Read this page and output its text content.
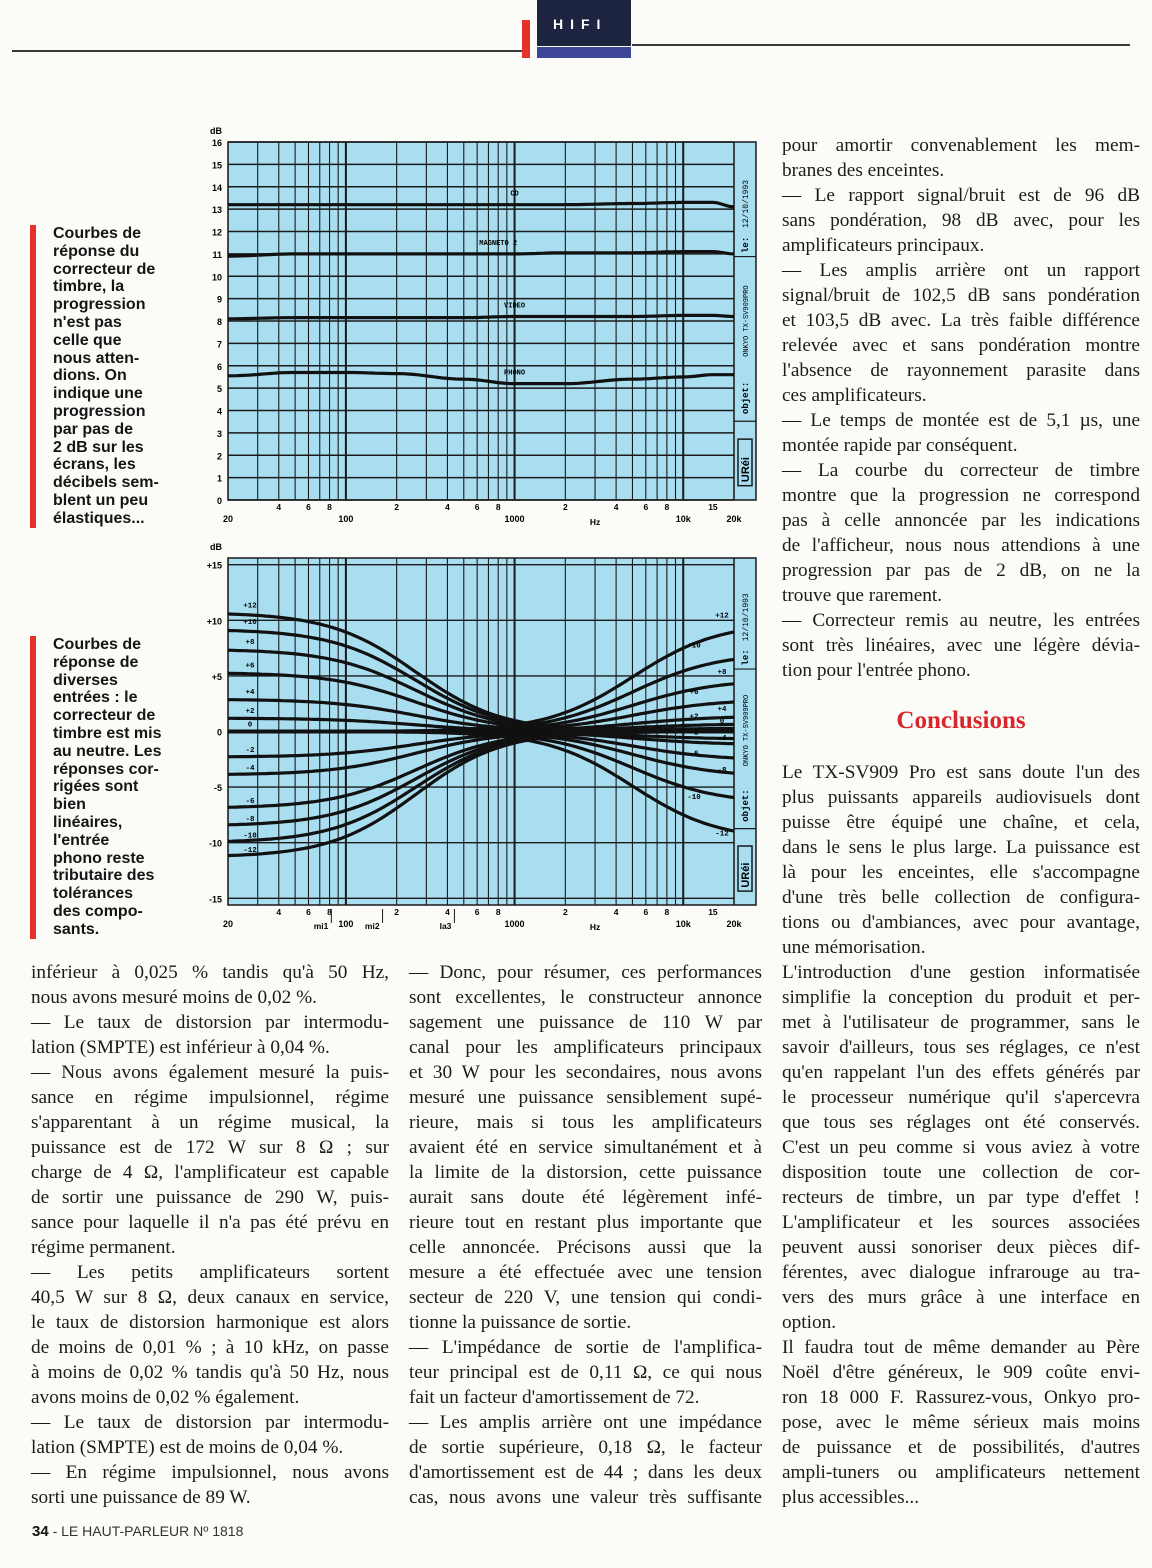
HIFI
Courbes de
réponse du
correcteur de
timbre, la
progression
n'est pas
celle que
nous atten-
dions. On
indique une
progression
par pas de
2 dB sur les
écrans, les
décibels sem-
blent un peu
élastiques...
Courbes de
réponse de
diverses
entrées : le
correcteur de
timbre est mis
au neutre. Les
réponses cor-
rigées sont
bien
linéaires,
l'entrée
phono reste
tributaire des
tolérances
des compo-
sants.
0
1
2
3
4
5
6
7
8
9
10
11
12
13
14
15
16
dB
4	6 8	2	4	6 8	2	4	6 8	15
20	100	1000	10k	20k
Hz
le:
12/10/1993
objet:
ONKYO TX-SV909PRO
URéi
CD
MAGNETO 2
VIDEO
PHONO
+15
+10
+5
0
-5
-10
-15
dB
4	6 8	2	4	6 8	2	4	6 8	15
20	100	1000	10k	20k
Hz
mi1	mi2	la3
le:
12/10/1993
objet:
ONKYO TX-SV909PRO
URéi
+12
+10
+8
+6
+4
+2
0
-2
-4
-6
-8
-10
-12
+12
+10
+8
+6
+4
+2
0
-2
-4
-6
-8
-10
-12
pour amortir convenablement les mem-
branes des enceintes.
— Le rapport signal/bruit est de 96 dB
sans pondération, 98 dB avec, pour les
amplificateurs principaux.
— Les amplis arrière ont un rapport
signal/bruit de 102,5 dB sans pondération
et 103,5 dB avec. La très faible différence
relevée avec et sans pondération montre
l'absence de rayonnement parasite dans
ces amplificateurs.
— Le temps de montée est de 5,1 µs, une
montée rapide par conséquent.
— La courbe du correcteur de timbre
montre que la progression ne correspond
pas à celle annoncée par les indications
de l'afficheur, nous nous attendions à une
progression par pas de 2 dB, on ne la
trouve que rarement.
— Correcteur remis au neutre, les entrées
sont très linéaires, avec une légère dévia-
tion pour l'entrée phono.
Conclusions
Le TX-SV909 Pro est sans doute l'un des
plus puissants appareils audiovisuels dont
puisse être équipé une chaîne, et cela,
dans le sens le plus large. La puissance est
là pour les enceintes, elle s'accompagne
d'une très belle collection de configura-
tions ou d'ambiances, avec pour avantage,
une mémorisation.
L'introduction d'une gestion informatisée
simplifie la conception du produit et per-
met à l'utilisateur de programmer, sans le
savoir d'ailleurs, tous ses réglages, ce n'est
qu'en rappelant l'un des effets générés par
le processeur numérique qu'il s'apercevra
que tous ses réglages ont été conservés.
C'est un peu comme si vous aviez à votre
disposition toute une collection de cor-
recteurs de timbre, un par type d'effet !
L'amplificateur et les sources associées
peuvent aussi sonoriser deux pièces dif-
férentes, avec dialogue infrarouge au tra-
vers des murs grâce à une interface en
option.
Il faudra tout de même demander au Père
Noël d'être généreux, le 909 coûte envi-
ron 18 000 F. Rassurez-vous, Onkyo pro-
pose, avec le même sérieux mais moins
de puissance et de possibilités, d'autres
ampli-tuners ou amplificateurs nettement
plus accessibles...
inférieur à 0,025 % tandis qu'à 50 Hz,
nous avons mesuré moins de 0,02 %.
— Le taux de distorsion par intermodu-
lation (SMPTE) est inférieur à 0,04 %.
— Nous avons également mesuré la puis-
sance en régime impulsionnel, régime
s'apparentant à un régime musical, la
puissance est de 172 W sur 8 Ω ; sur
charge de 4 Ω, l'amplificateur est capable
de sortir une puissance de 290 W, puis-
sance pour laquelle il n'a pas été prévu en
régime permanent.
— Les petits amplificateurs sortent
40,5 W sur 8 Ω, deux canaux en service,
le taux de distorsion harmonique est alors
de moins de 0,01 % ; à 10 kHz, on passe
à moins de 0,02 % tandis qu'à 50 Hz, nous
avons moins de 0,02 % également.
— Le taux de distorsion par intermodu-
lation (SMPTE) est de moins de 0,04 %.
— En régime impulsionnel, nous avons
sorti une puissance de 89 W.
— Donc, pour résumer, ces performances
sont excellentes, le constructeur annonce
sagement une puissance de 110 W par
canal pour les amplificateurs principaux
et 30 W pour les secondaires, nous avons
mesuré une puissance sensiblement supé-
rieure, mais si tous les amplificateurs
avaient été en service simultanément et à
la limite de la distorsion, cette puissance
aurait sans doute été légèrement infé-
rieure tout en restant plus importante que
celle annoncée. Précisons aussi que la
mesure a été effectuée avec une tension
secteur de 220 V, une tension qui condi-
tionne la puissance de sortie.
— L'impédance de sortie de l'amplifica-
teur principal est de 0,11 Ω, ce qui nous
fait un facteur d'amortissement de 72.
— Les amplis arrière ont une impédance
de sortie supérieure, 0,18 Ω, le facteur
d'amortissement est de 44 ; dans les deux
cas, nous avons une valeur très suffisante
34 - LE HAUT-PARLEUR Nº 1818
